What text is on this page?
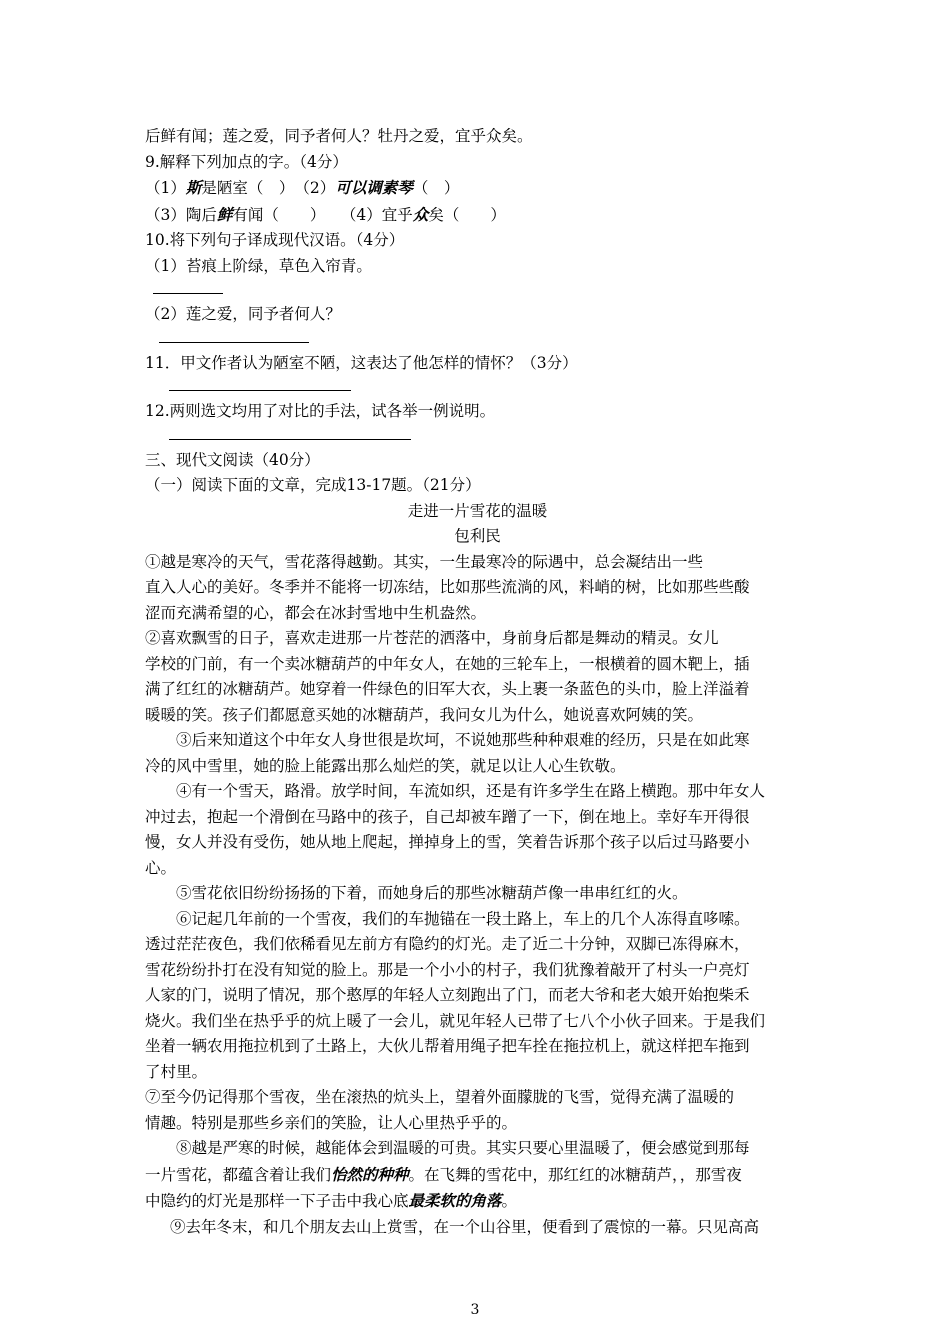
后鲜有闻；莲之爱，同予者何人？牡丹之爱，宜乎众矣。

9.解释下列加点的字。（4分）

（1）斯是陋室（　）　 （2）可以调素琴（　）

（3）陶后鲜有闻（　　）　　 （4）宜乎众矣（　　）

10.将下列句子译成现代汉语。（4分）

（1）苔痕上阶绿，草色入帘青。

（2）莲之爱，同予者何人？

11．甲文作者认为陋室不陋，这表达了他怎样的情怀？（3分）

12.两则选文均用了对比的手法，试各举一例说明。

三、现代文阅读（40分）

（一）阅读下面的文章，完成13-17题。（21分）

走进一片雪花的温暖

包利民

①越是寒冷的天气，雪花落得越勤。其实，一生最寒冷的际遇中，总会凝结出一些

直入人心的美好。冬季并不能将一切冻结，比如那些流淌的风，料峭的树，比如那些些酸

涩而充满希望的心，都会在冰封雪地中生机盎然。

②喜欢飘雪的日子，喜欢走进那一片苍茫的洒落中，身前身后都是舞动的精灵。女儿

学校的门前，有一个卖冰糖葫芦的中年女人，在她的三轮车上，一根横着的圆木靶上，插

满了红红的冰糖葫芦。她穿着一件绿色的旧军大衣，头上裹一条蓝色的头巾，脸上洋溢着

暖暖的笑。孩子们都愿意买她的冰糖葫芦，我问女儿为什么，她说喜欢阿姨的笑。

③后来知道这个中年女人身世很是坎坷，不说她那些种种艰难的经历，只是在如此寒

冷的风中雪里，她的脸上能露出那么灿烂的笑，就足以让人心生钦敬。

④有一个雪天，路滑。放学时间，车流如织，还是有许多学生在路上横跑。那中年女人

冲过去，抱起一个滑倒在马路中的孩子，自己却被车蹭了一下，倒在地上。幸好车开得很

慢，女人并没有受伤，她从地上爬起，掸掉身上的雪，笑着告诉那个孩子以后过马路要小

心。

⑤雪花依旧纷纷扬扬的下着，而她身后的那些冰糖葫芦像一串串红红的火。

⑥记起几年前的一个雪夜，我们的车抛锚在一段土路上，车上的几个人冻得直哆嗦。

透过茫茫夜色，我们依稀看见左前方有隐约的灯光。走了近二十分钟，双脚已冻得麻木，

雪花纷纷扑打在没有知觉的脸上。那是一个小小的村子，我们犹豫着敲开了村头一户亮灯

人家的门，说明了情况，那个憨厚的年轻人立刻跑出了门，而老大爷和老大娘开始抱柴禾

烧火。我们坐在热乎乎的炕上暖了一会儿，就见年轻人已带了七八个小伙子回来。于是我们

坐着一辆农用拖拉机到了土路上，大伙儿帮着用绳子把车拴在拖拉机上，就这样把车拖到

了村里。

⑦至今仍记得那个雪夜，坐在滚热的炕头上，望着外面朦胧的飞雪，觉得充满了温暖的

情趣。特别是那些乡亲们的笑脸，让人心里热乎乎的。

⑧越是严寒的时候，越能体会到温暖的可贵。其实只要心里温暖了，便会感觉到那每

一片雪花，都蕴含着让我们怡然的种种。在飞舞的雪花中，那红红的冰糖葫芦，，那雪夜

中隐约的灯光是那样一下子击中我心底最柔软的角落。

⑨去年冬末，和几个朋友去山上赏雪，在一个山谷里，便看到了震惊的一幕。只见高高

3
